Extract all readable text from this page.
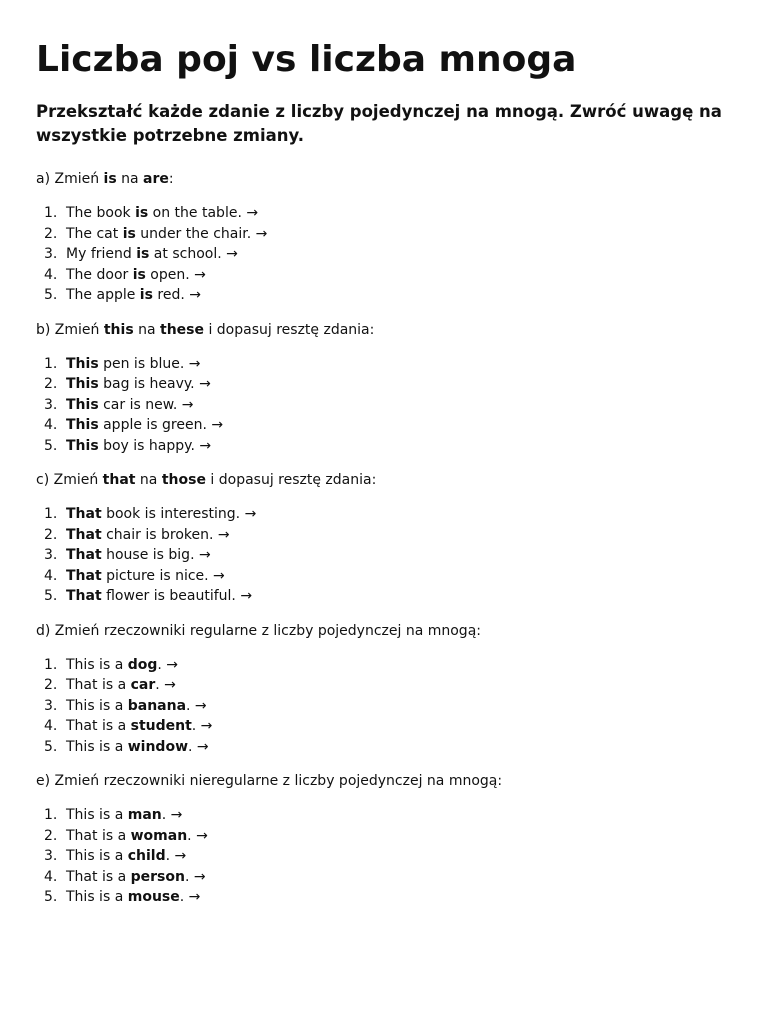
Liczba poj vs liczba mnoga

Przekształć każde zdanie z liczby pojedynczej na mnogą. Zwróć uwagę na wszystkie potrzebne zmiany.

a) Zmień is na are:

1. The book is on the table. →
2. The cat is under the chair. →
3. My friend is at school. →
4. The door is open. →
5. The apple is red. →

b) Zmień this na these i dopasuj resztę zdania:

1. This pen is blue. →
2. This bag is heavy. →
3. This car is new. →
4. This apple is green. →
5. This boy is happy. →

c) Zmień that na those i dopasuj resztę zdania:

1. That book is interesting. →
2. That chair is broken. →
3. That house is big. →
4. That picture is nice. →
5. That flower is beautiful. →

d) Zmień rzeczowniki regularne z liczby pojedynczej na mnogą:

1. This is a dog. →
2. That is a car. →
3. This is a banana. →
4. That is a student. →
5. This is a window. →

e) Zmień rzeczowniki nieregularne z liczby pojedynczej na mnogą:

1. This is a man. →
2. That is a woman. →
3. This is a child. →
4. That is a person. →
5. This is a mouse. →
